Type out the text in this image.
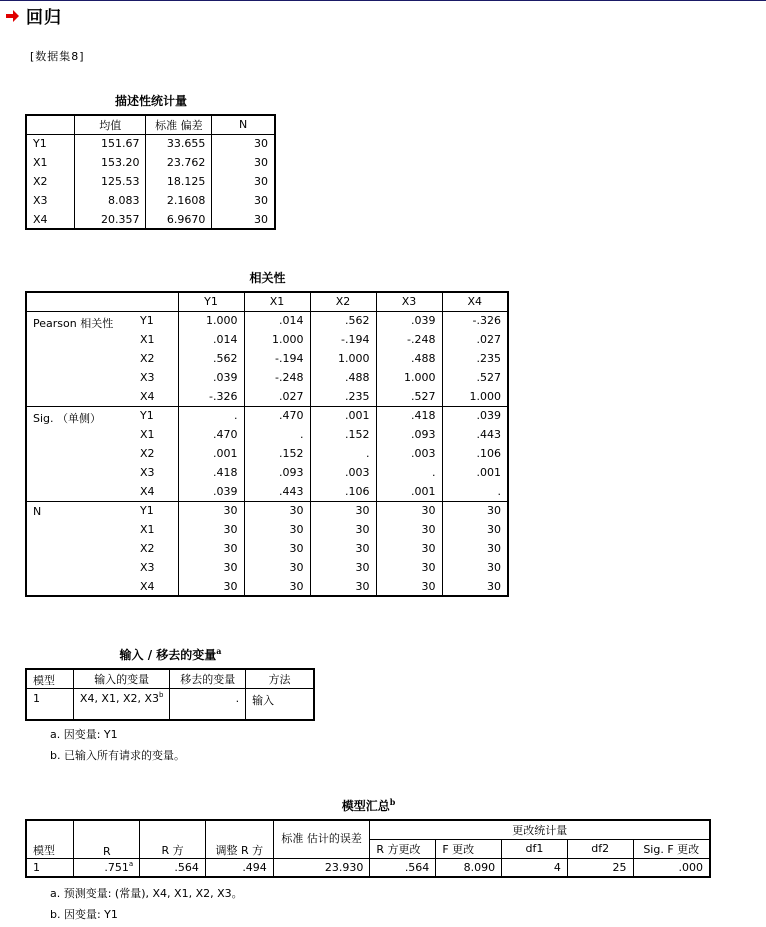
回归
[数据集8]
描述性统计量
	均值	标准 偏差	N
Y1	151.67	33.655	30
X1	153.20	23.762	30
X2	125.53	18.125	30
X3	8.083	2.1608	30
X4	20.357	6.9670	30
相关性
		Y1	X1	X2	X3	X4
Pearson 相关性	Y1	1.000	.014	.562	.039	-.326
	X1	.014	1.000	-.194	-.248	.027
	X2	.562	-.194	1.000	.488	.235
	X3	.039	-.248	.488	1.000	.527
	X4	-.326	.027	.235	.527	1.000
Sig. （单侧）	Y1	.	.470	.001	.418	.039
	X1	.470	.	.152	.093	.443
	X2	.001	.152	.	.003	.106
	X3	.418	.093	.003	.	.001
	X4	.039	.443	.106	.001	.
N	Y1	30	30	30	30	30
	X1	30	30	30	30	30
	X2	30	30	30	30	30
	X3	30	30	30	30	30
	X4	30	30	30	30	30
输入 / 移去的变量$^a$
模型	输入的变量	移去的变量	方法
1	X4, X1, X2, X3$^b$	.	输入
a. 因变量: Y1
b. 已输入所有请求的变量。
模型汇总$^b$
模型	R	R 方	调整 R 方	标准 估计的误差	更改统计量				
					R 方更改	F 更改	df1	df2	Sig. F 更改
1	.751$^a$	.564	.494	23.930	.564	8.090	4	25	.000
a. 预测变量: (常量), X4, X1, X2, X3。
b. 因变量: Y1
